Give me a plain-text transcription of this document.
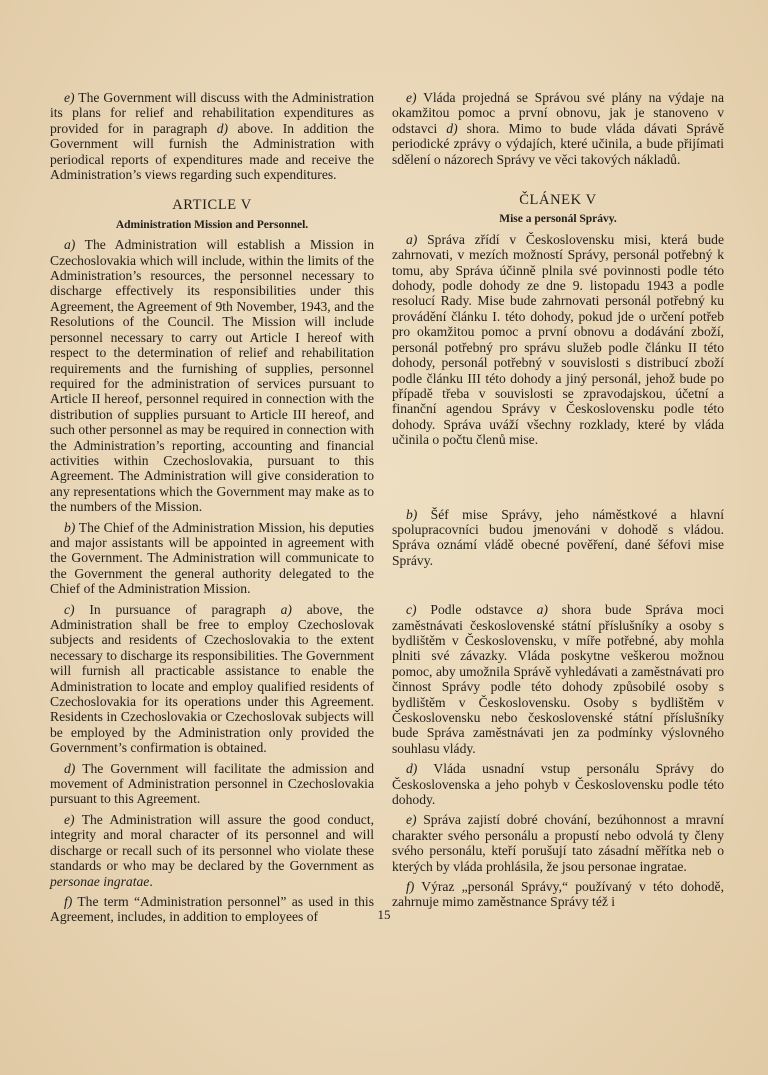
e) The Government will discuss with the Administration its plans for relief and rehabilitation expenditures as provided for in paragraph d) above. In addition the Government will furnish the Administration with periodical reports of expenditures made and receive the Administration’s views regarding such expenditures.

ARTICLE V
Administration Mission and Personnel.

a) The Administration will establish a Mission in Czechoslovakia which will include, within the limits of the Administration’s resources, the personnel necessary to discharge effectively its responsibilities under this Agreement, the Agreement of 9th November, 1943, and the Resolutions of the Council. The Mission will include personnel necessary to carry out Article I hereof with respect to the determination of relief and rehabilitation requirements and the furnishing of supplies, personnel required for the administration of services pursuant to Article II hereof, personnel required in connection with the distribution of supplies pursuant to Article III hereof, and such other personnel as may be required in connection with the Administration’s reporting, accounting and financial activities within Czechoslovakia, pursuant to this Agreement. The Administration will give consideration to any representations which the Government may make as to the numbers of the Mission.

b) The Chief of the Administration Mission, his deputies and major assistants will be appointed in agreement with the Government. The Administration will communicate to the Government the general authority delegated to the Chief of the Administration Mission.

c) In pursuance of paragraph a) above, the Administration shall be free to employ Czechoslovak subjects and residents of Czechoslovakia to the extent necessary to discharge its responsibilities. The Government will furnish all practicable assistance to enable the Administration to locate and employ qualified residents of Czechoslovakia for its operations under this Agreement. Residents in Czechoslovakia or Czechoslovak subjects will be employed by the Administration only provided the Government’s confirmation is obtained.

d) The Government will facilitate the admission and movement of Administration personnel in Czechoslovakia pursuant to this Agreement.

e) The Administration will assure the good conduct, integrity and moral character of its personnel and will discharge or recall such of its personnel who violate these standards or who may be declared by the Government as personae ingratae.

f) The term “Administration personnel” as used in this Agreement, includes, in addition to employees of

e) Vláda projedná se Správou své plány na výdaje na okamžitou pomoc a první obnovu, jak je stanoveno v odstavci d) shora. Mimo to bude vláda dávati Správě periodické zprávy o výdajích, které učinila, a bude přijímati sdělení o názorech Správy ve věci takových nákladů.

ČLÁNEK V
Mise a personál Správy.

a) Správa zřídí v Československu misi, která bude zahrnovati, v mezích možností Správy, personál potřebný k tomu, aby Správa účinně plnila své povinnosti podle této dohody, podle dohody ze dne 9. listopadu 1943 a podle resolucí Rady. Mise bude zahrnovati personál potřebný ku provádění článku I. této dohody, pokud jde o určení potřeb pro okamžitou pomoc a první obnovu a dodávání zboží, personál potřebný pro správu služeb podle článku II této dohody, personál potřebný v souvislosti s distribucí zboží podle článku III této dohody a jiný personál, jehož bude po případě třeba v souvislosti se zpravodajskou, účetní a finanční agendou Správy v Československu podle této dohody. Správa uváží všechny rozklady, které by vláda učinila o počtu členů mise.

b) Šéf mise Správy, jeho náměstkové a hlavní spolupracovníci budou jmenováni v dohodě s vládou. Správa oznámí vládě obecné pověření, dané šéfovi mise Správy.

c) Podle odstavce a) shora bude Správa moci zaměstnávati československé státní příslušníky a osoby s bydlištěm v Československu, v míře potřebné, aby mohla plniti své závazky. Vláda poskytne veškerou možnou pomoc, aby umožnila Správě vyhledávati a zaměstnávati pro činnost Správy podle této dohody způsobilé osoby s bydlištěm v Československu. Osoby s bydlištěm v Československu nebo československé státní příslušníky bude Správa zaměstnávati jen za podmínky výslovného souhlasu vlády.

d) Vláda usnadní vstup personálu Správy do Československa a jeho pohyb v Československu podle této dohody.

e) Správa zajistí dobré chování, bezúhonnost a mravní charakter svého personálu a propustí nebo odvolá ty členy svého personálu, kteří porušují tato zásadní měřítka neb o kterých by vláda prohlásila, že jsou personae ingratae.

f) Výraz „personál Správy,“ používaný v této dohodě, zahrnuje mimo zaměstnance Správy též i

15
